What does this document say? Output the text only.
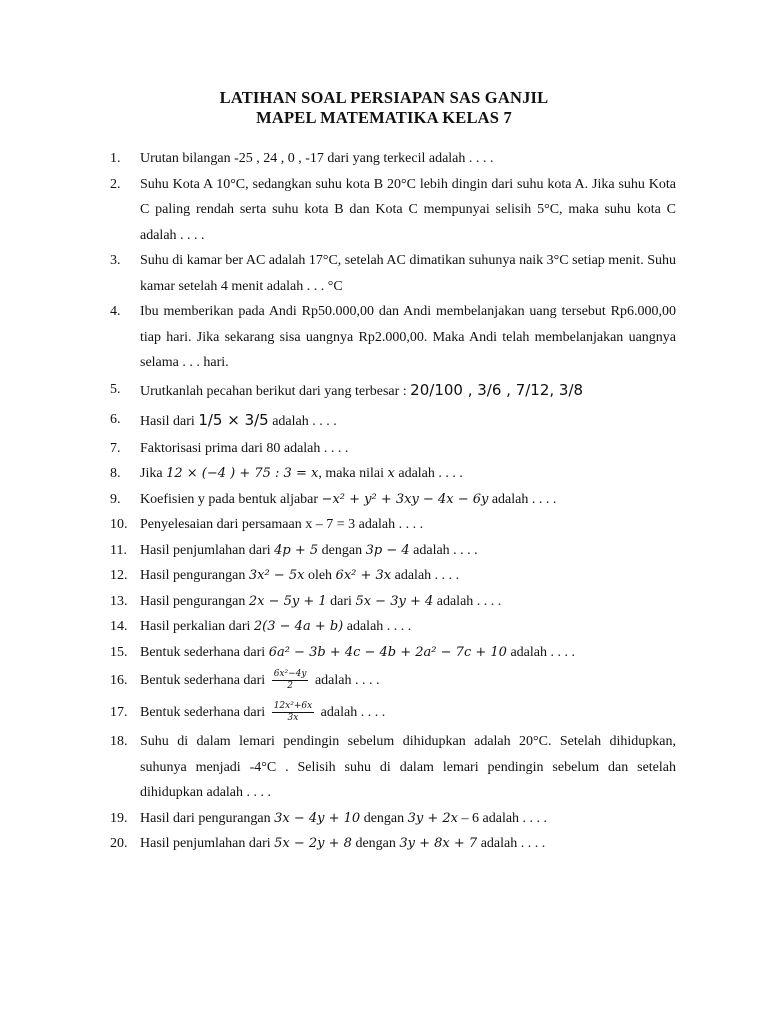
LATIHAN SOAL PERSIAPAN SAS GANJIL
MAPEL MATEMATIKA KELAS 7
1.	Urutan bilangan -25 , 24 , 0 , -17 dari yang terkecil adalah . . . .
2.	Suhu Kota A 10°C, sedangkan suhu kota B 20°C lebih dingin dari suhu kota A. Jika suhu Kota C paling rendah serta suhu kota B dan Kota C mempunyai selisih 5°C, maka suhu kota C adalah . . . .
3.	Suhu di kamar ber AC adalah 17°C, setelah AC dimatikan suhunya naik 3°C setiap menit. Suhu kamar setelah 4 menit adalah . . . °C
4.	Ibu memberikan pada Andi Rp50.000,00 dan Andi membelanjakan uang tersebut Rp6.000,00 tiap hari. Jika sekarang sisa uangnya Rp2.000,00. Maka Andi telah membelanjakan uangnya selama . . . hari.
5.	Urutkanlah pecahan berikut dari yang terbesar : 20/100 , 3/6 , 7/12, 3/8
6.	Hasil dari 1/5 × 3/5 adalah . . . .
7.	Faktorisasi prima dari 80 adalah . . . .
8.	Jika 12 × (−4 ) + 75 : 3 = x, maka nilai x adalah . . . .
9.	Koefisien y pada bentuk aljabar −x² + y² + 3xy − 4x − 6y adalah . . . .
10. Penyelesaian dari persamaan x – 7 = 3 adalah . . . .
11. Hasil penjumlahan dari 4p + 5 dengan 3p − 4 adalah . . . .
12. Hasil pengurangan 3x² − 5x oleh 6x² + 3x adalah . . . .
13. Hasil pengurangan 2x − 5y + 1 dari 5x − 3y + 4 adalah . . . .
14. Hasil perkalian dari 2(3 − 4a + b) adalah . . . .
15. Bentuk sederhana dari 6a² − 3b + 4c − 4b + 2a² − 7c + 10 adalah . . . .
16. Bentuk sederhana dari $\frac{\text{6x²−4y}}{2}$ adalah . . . .
17. Bentuk sederhana dari $\frac{\text{12x²+6x}}{3x}$ adalah . . . .
18. Suhu di dalam lemari pendingin sebelum dihidupkan adalah 20°C. Setelah dihidupkan, suhunya menjadi -4°C . Selisih suhu di dalam lemari pendingin sebelum dan setelah dihidupkan adalah . . . .
19. Hasil dari pengurangan 3x − 4y + 10 dengan 3y + 2x – 6 adalah . . . .
20. Hasil penjumlahan dari 5x − 2y + 8 dengan 3y + 8x + 7 adalah . . . .
